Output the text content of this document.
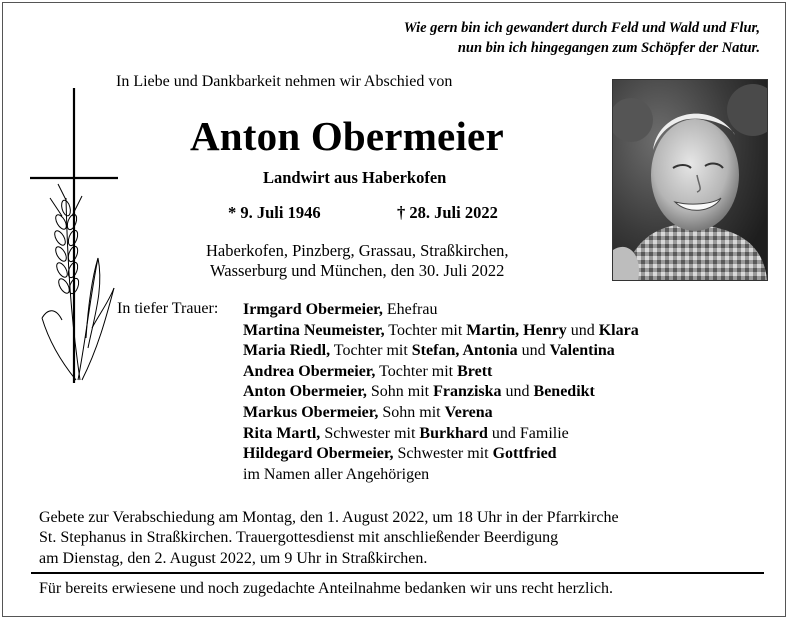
Wie gern bin ich gewandert durch Feld und Wald und Flur,
nun bin ich hingegangen zum Schöpfer der Natur.
In Liebe und Dankbarkeit nehmen wir Abschied von
Anton Obermeier
Landwirt aus Haberkofen
* 9. Juli 1946	† 28. Juli 2022
Haberkofen, Pinzberg, Grassau, Straßkirchen,
Wasserburg und München, den 30. Juli 2022
In tiefer Trauer: Irmgard Obermeier, Ehefrau
Martina Neumeister, Tochter mit Martin, Henry und Klara
Maria Riedl, Tochter mit Stefan, Antonia und Valentina
Andrea Obermeier, Tochter mit Brett
Anton Obermeier, Sohn mit Franziska und Benedikt
Markus Obermeier, Sohn mit Verena
Rita Martl, Schwester mit Burkhard und Familie
Hildegard Obermeier, Schwester mit Gottfried
im Namen aller Angehörigen
Gebete zur Verabschiedung am Montag, den 1. August 2022, um 18 Uhr in der Pfarrkirche
St. Stephanus in Straßkirchen. Trauergottesdienst mit anschließender Beerdigung
am Dienstag, den 2. August 2022, um 9 Uhr in Straßkirchen.
Für bereits erwiesene und noch zugedachte Anteilnahme bedanken wir uns recht herzlich.
